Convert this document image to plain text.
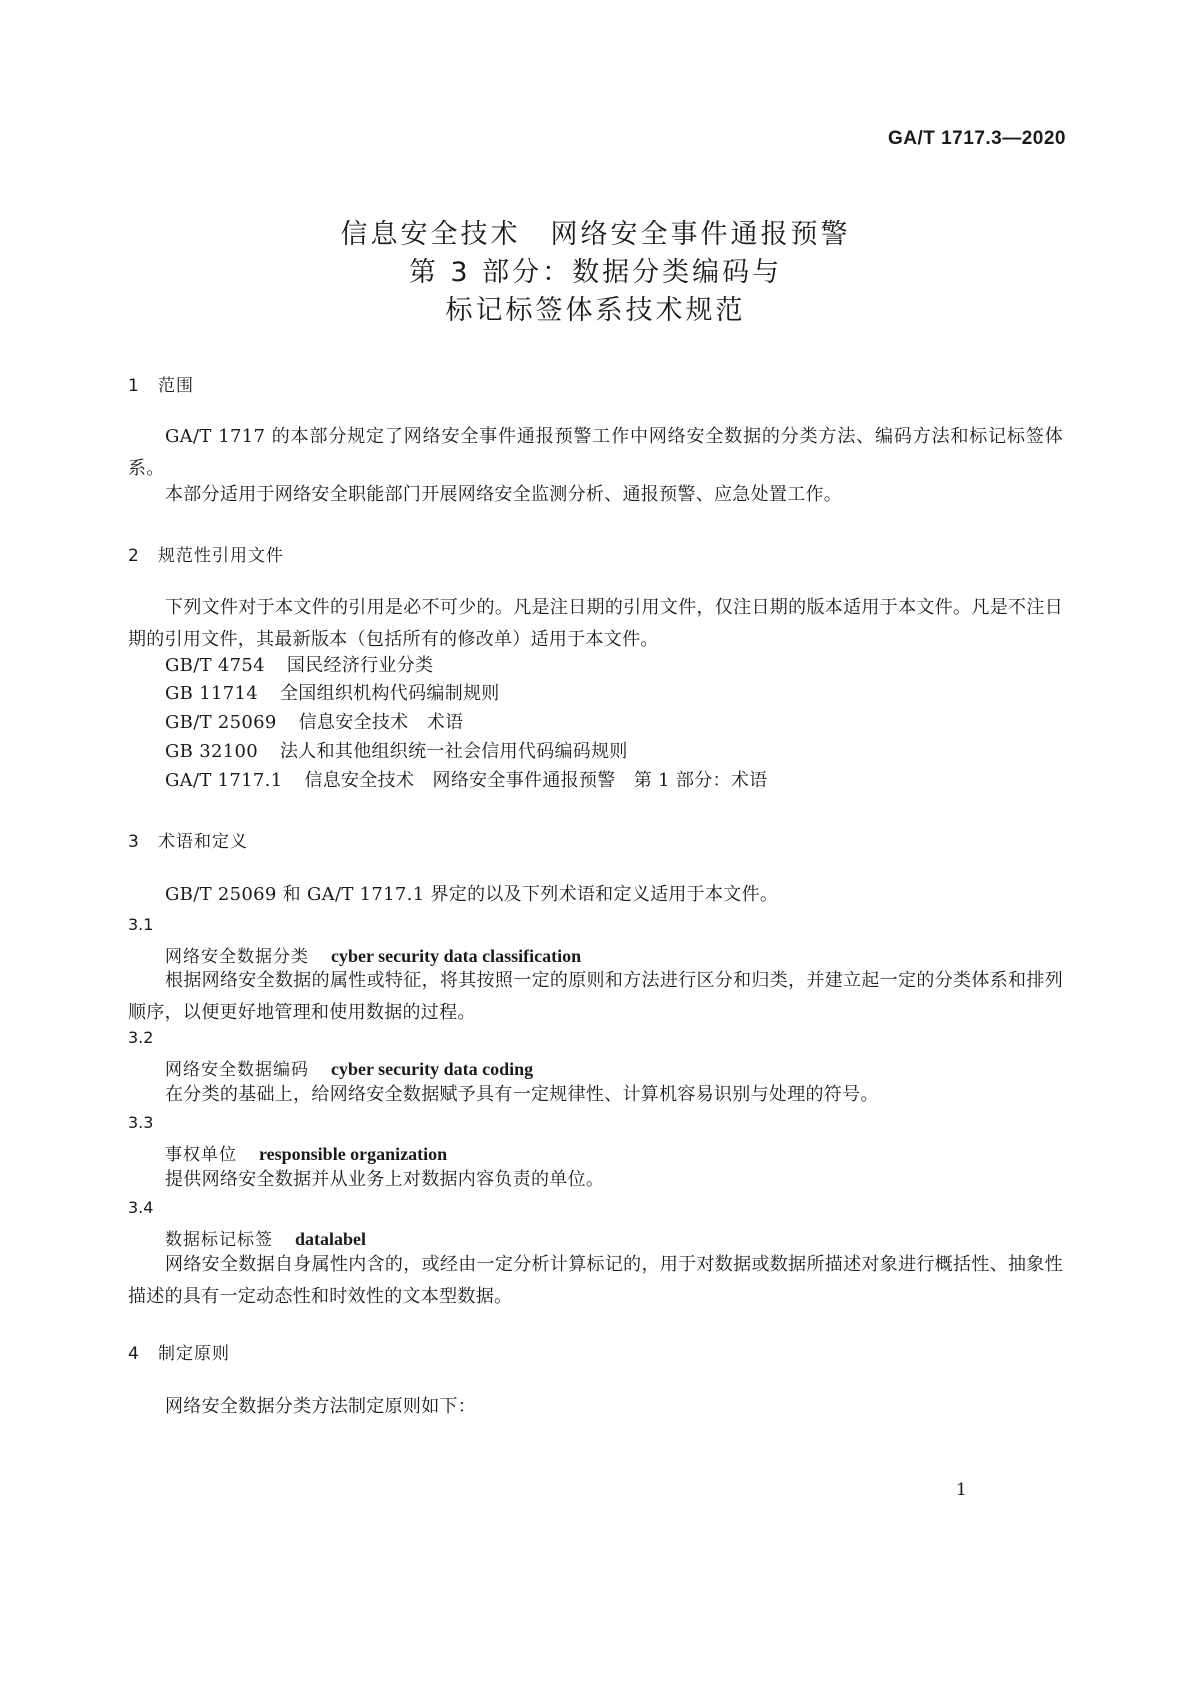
GA/T 1717.3—2020
信息安全技术　网络安全事件通报预警
第 3 部分：数据分类编码与
标记标签体系技术规范
1 范围
GA/T 1717 的本部分规定了网络安全事件通报预警工作中网络安全数据的分类方法、编码方法和标记标签体系。
本部分适用于网络安全职能部门开展网络安全监测分析、通报预警、应急处置工作。
2 规范性引用文件
下列文件对于本文件的引用是必不可少的。凡是注日期的引用文件，仅注日期的版本适用于本文件。凡是不注日期的引用文件，其最新版本（包括所有的修改单）适用于本文件。
GB/T 4754 国民经济行业分类
GB 11714 全国组织机构代码编制规则
GB/T 25069 信息安全技术　术语
GB 32100 法人和其他组织统一社会信用代码编码规则
GA/T 1717.1 信息安全技术　网络安全事件通报预警　第 1 部分：术语
3 术语和定义
GB/T 25069 和 GA/T 1717.1 界定的以及下列术语和定义适用于本文件。
3.1
网络安全数据分类 cyber security data classification
根据网络安全数据的属性或特征，将其按照一定的原则和方法进行区分和归类，并建立起一定的分类体系和排列顺序，以便更好地管理和使用数据的过程。
3.2
网络安全数据编码 cyber security data coding
在分类的基础上，给网络安全数据赋予具有一定规律性、计算机容易识别与处理的符号。
3.3
事权单位 responsible organization
提供网络安全数据并从业务上对数据内容负责的单位。
3.4
数据标记标签 datalabel
网络安全数据自身属性内含的，或经由一定分析计算标记的，用于对数据或数据所描述对象进行概括性、抽象性描述的具有一定动态性和时效性的文本型数据。
4 制定原则
网络安全数据分类方法制定原则如下：
1
